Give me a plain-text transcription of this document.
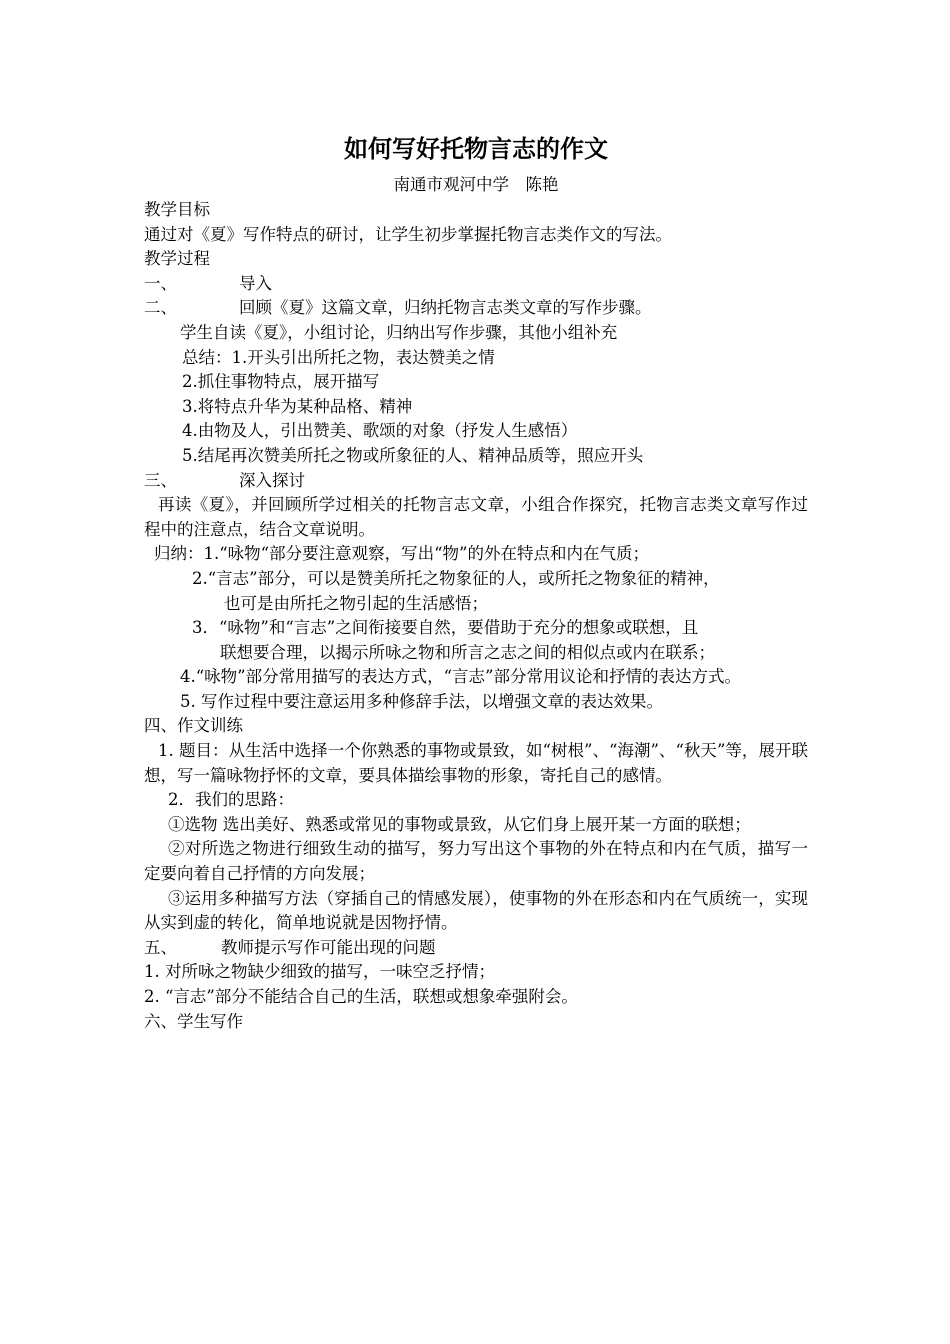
如何写好托物言志的作文
南通市观河中学　陈艳
教学目标
通过对《夏》写作特点的研讨，让学生初步掌握托物言志类作文的写法。
教学过程
一、	导入
二、	回顾《夏》这篇文章，归纳托物言志类文章的写作步骤。
学生自读《夏》，小组讨论，归纳出写作步骤，其他小组补充
总结：1.开头引出所托之物，表达赞美之情
2.抓住事物特点，展开描写
3.将特点升华为某种品格、精神
4.由物及人，引出赞美、歌颂的对象（抒发人生感悟）
5.结尾再次赞美所托之物或所象征的人、精神品质等，照应开头
三、	深入探讨
再读《夏》，并回顾所学过相关的托物言志文章，小组合作探究，托物言志类文章写作过程中的注意点，结合文章说明。
归纳：1.“咏物“部分要注意观察，写出“物”的外在特点和内在气质；
2.“言志”部分，可以是赞美所托之物象征的人，或所托之物象征的精神，
也可是由所托之物引起的生活感悟；
3．“咏物”和“言志”之间衔接要自然，要借助于充分的想象或联想，且
联想要合理，以揭示所咏之物和所言之志之间的相似点或内在联系；
4.“咏物”部分常用描写的表达方式，“言志”部分常用议论和抒情的表达方式。
5. 写作过程中要注意运用多种修辞手法，以增强文章的表达效果。
四、作文训练
1. 题目：从生活中选择一个你熟悉的事物或景致，如“树根”、“海潮”、“秋天”等，展开联想，写一篇咏物抒怀的文章，要具体描绘事物的形象，寄托自己的感情。
2．我们的思路：
①选物 选出美好、熟悉或常见的事物或景致，从它们身上展开某一方面的联想；
②对所选之物进行细致生动的描写，努力写出这个事物的外在特点和内在气质，描写一定要向着自己抒情的方向发展；
③运用多种描写方法（穿插自己的情感发展），使事物的外在形态和内在气质统一，实现从实到虚的转化，简单地说就是因物抒情。
五、	教师提示写作可能出现的问题
1. 对所咏之物缺少细致的描写，一味空乏抒情；
2. “言志”部分不能结合自己的生活，联想或想象牵强附会。
六、学生写作
